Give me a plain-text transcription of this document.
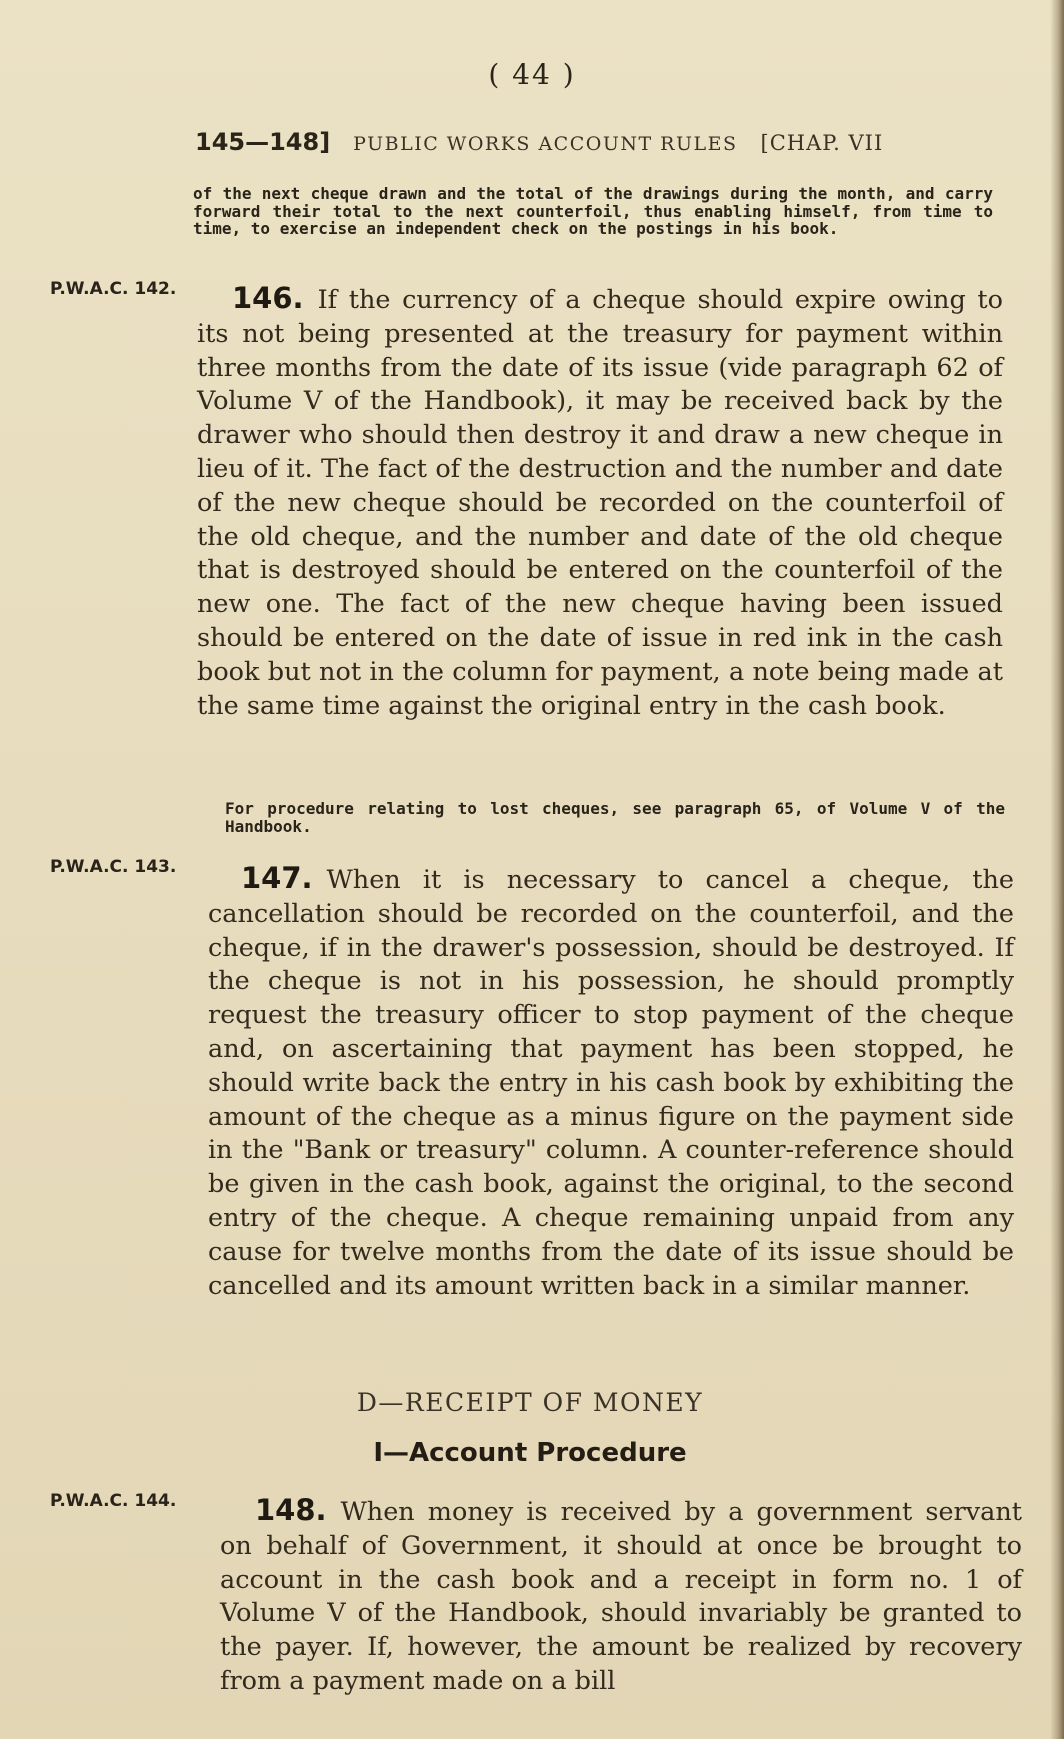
( 44 )
145—148] PUBLIC WORKS ACCOUNT RULES [CHAP. VII
of the next cheque drawn and the total of the drawings during the month, and carry forward their total to the next counterfoil, thus enabling himself, from time to time, to exercise an independent check on the postings in his book.
P.W.A.C. 142.	146. If the currency of a cheque should expire owing to its not being presented at the treasury for payment within three months from the date of its issue (vide paragraph 62 of Volume V of the Handbook), it may be received back by the drawer who should then destroy it and draw a new cheque in lieu of it. The fact of the destruction and the number and date of the new cheque should be recorded on the counterfoil of the old cheque, and the number and date of the old cheque that is destroyed should be entered on the counterfoil of the new one. The fact of the new cheque having been issued should be entered on the date of issue in red ink in the cash book but not in the column for payment, a note being made at the same time against the original entry in the cash book.
For procedure relating to lost cheques, see paragraph 65, of Volume V of the Handbook.
P.W.A.C. 143.	147. When it is necessary to cancel a cheque, the cancellation should be recorded on the counterfoil, and the cheque, if in the drawer's possession, should be destroyed. If the cheque is not in his possession, he should promptly request the treasury officer to stop payment of the cheque and, on ascertaining that payment has been stopped, he should write back the entry in his cash book by exhibiting the amount of the cheque as a minus figure on the payment side in the "Bank or treasury" column. A counter-reference should be given in the cash book, against the original, to the second entry of the cheque. A cheque remaining unpaid from any cause for twelve months from the date of its issue should be cancelled and its amount written back in a similar manner.
D—RECEIPT OF MONEY
I—Account Procedure
P.W.A.C. 144.	148. When money is received by a government servant on behalf of Government, it should at once be brought to account in the cash book and a receipt in form no. 1 of Volume V of the Handbook, should invariably be granted to the payer. If, however, the amount be realized by recovery from a payment made on a bill
